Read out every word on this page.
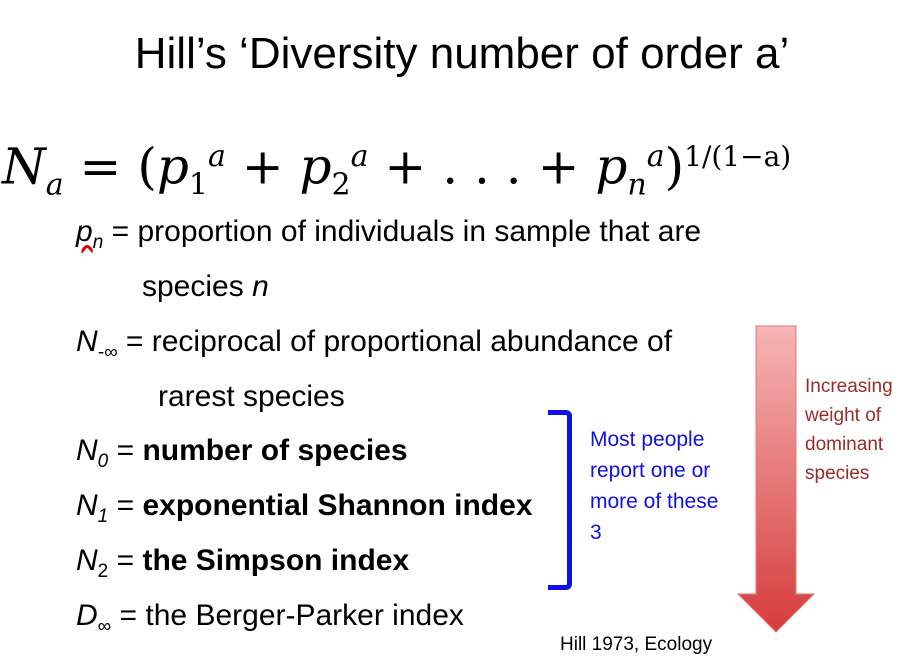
Hill’s ‘Diversity number of order a’
$N_a = (p_1^a + p_2^a$ + . . . + $p_n^a)^{1/(1-a)}$
$p_n$ = proportion of individuals in sample that are
species n
$N_{-\infty}$ = reciprocal of proportional abundance of
rarest species
$N_0$ = number of species
$N_1$ = exponential Shannon index
$N_2$ = the Simpson index
$D_\infty$ = the Berger-Parker index
Most people report one or more of these 3
Increasing weight of dominant species
Hill 1973, Ecology
